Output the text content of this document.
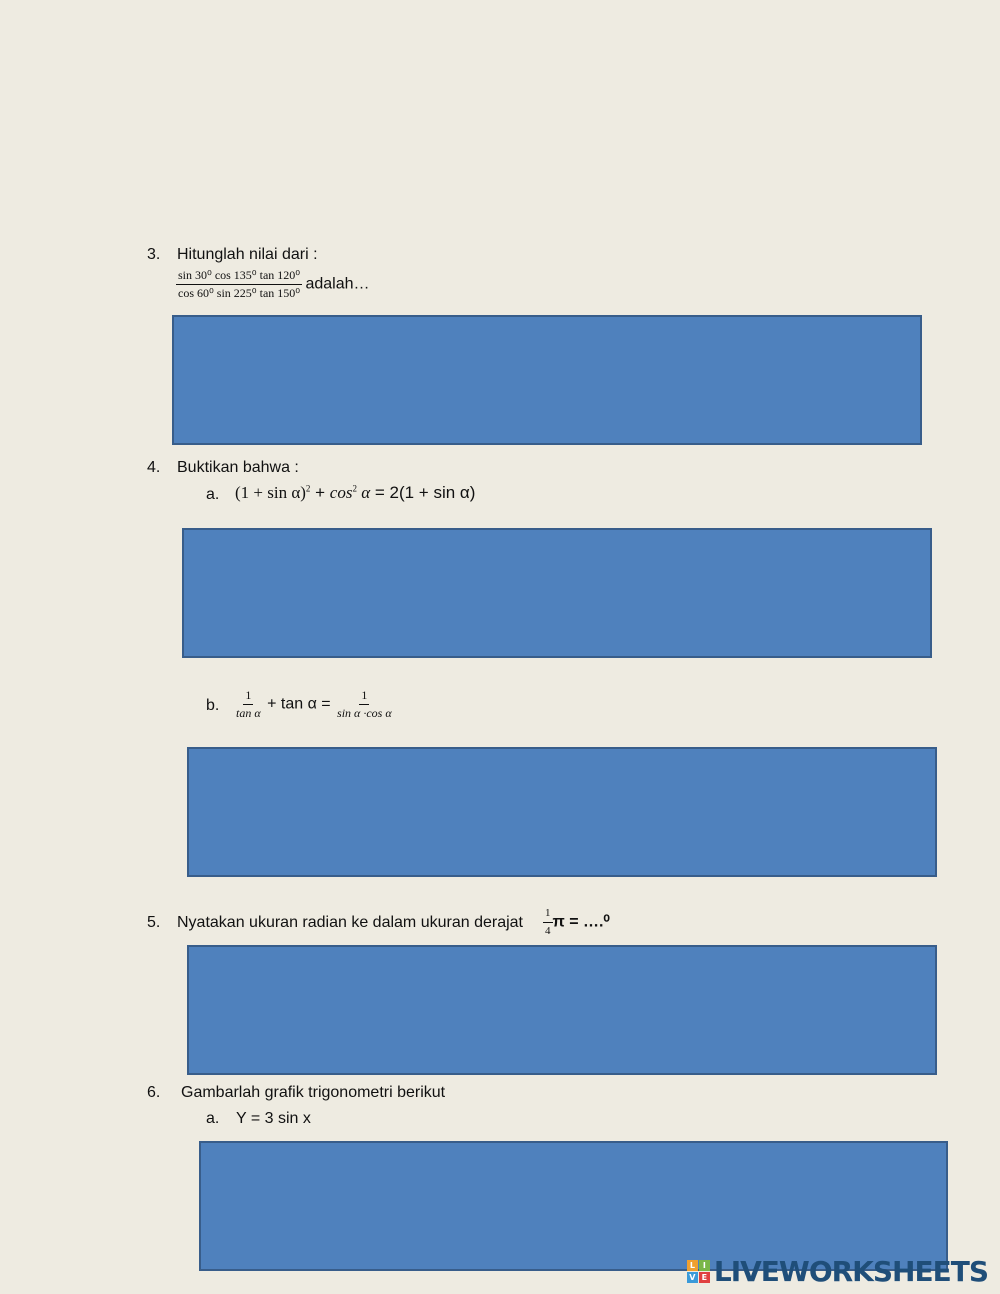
3. Hitunglah nilai dari :
$\frac{\text{sin 30⁰ cos 135⁰ tan 120⁰}}{\text{cos 60⁰ sin 225⁰ tan 150⁰}}$ adalah…
4. Buktikan bahwa :
a. $(1 + \sin \alpha)^2 + \cos^2 \alpha = 2(1 + \sin \alpha)$
b. $\frac{1}{\text{tan α}} + \tan \alpha = \frac{1}{\text{sin α ·cos α}}$
5. Nyatakan ukuran radian ke dalam ukuran derajat $\frac{1}{4}$ π = ….⁰
6. Gambarlah grafik trigonometri berikut
a. Y = 3 sin x
L I
V E LIVEWORKSHEETS
